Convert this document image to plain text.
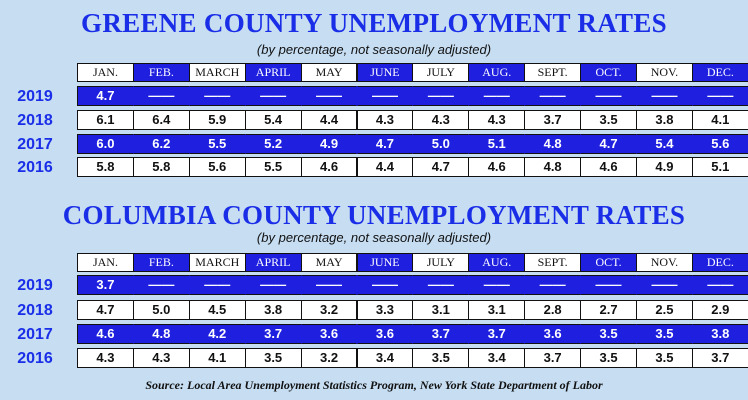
GREENE COUNTY UNEMPLOYMENT RATES
(by percentage, not seasonally adjusted)
JAN.	FEB.	MARCH	APRIL	MAY	JUNE	JULY	AUG.	SEPT.	OCT.	NOV.	DEC.
2019	4.7	——	——	——	——	——	——	——	——	——	——	——
2018	6.1	6.4	5.9	5.4	4.4	4.3	4.3	4.3	3.7	3.5	3.8	4.1
2017	6.0	6.2	5.5	5.2	4.9	4.7	5.0	5.1	4.8	4.7	5.4	5.6
2016	5.8	5.8	5.6	5.5	4.6	4.4	4.7	4.6	4.8	4.6	4.9	5.1
COLUMBIA COUNTY UNEMPLOYMENT RATES
(by percentage, not seasonally adjusted)
JAN.	FEB.	MARCH	APRIL	MAY	JUNE	JULY	AUG.	SEPT.	OCT.	NOV.	DEC.
2019	3.7	——	——	——	——	——	——	——	——	——	——	——
2018	4.7	5.0	4.5	3.8	3.2	3.3	3.1	3.1	2.8	2.7	2.5	2.9
2017	4.6	4.8	4.2	3.7	3.6	3.6	3.7	3.7	3.6	3.5	3.5	3.8
2016	4.3	4.3	4.1	3.5	3.2	3.4	3.5	3.4	3.7	3.5	3.5	3.7
Source: Local Area Unemployment Statistics Program, New York State Department of Labor
